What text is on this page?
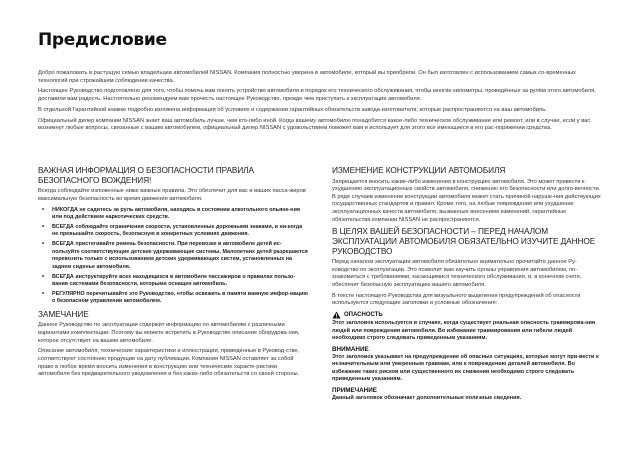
Предисловие

Добро пожаловать в растущую семью владельцев автомобилей NISSAN. Компания полностью уверена в автомобиле, который вы приобрели. Он был изготовлен с использованием самых со-временных технологий при строжайшем соблюдении качества.

Настоящее Руководство подготовлено для того, чтобы помочь вам понять устройство автомобиля и порядок его технического обслуживания, чтобы многие километры, проведённые за рулём этого автомобиля, доставили вам радость. Настоятельно рекомендуем вам прочесть настоящее Руководство, прежде чем приступать к эксплуатации автомобиля.

В отдельной Гарантийной книжке подробно изложена информация об условиях и содержании гарантийных обязательств завода-изготовителя, которые распространяются на ваш автомобиль.

Официальный дилер компании NISSAN знает ваш автомобиль лучше, чем кто-либо иной. Когда вашему автомобилю понадобится какое-либо техническое обслуживание или ремонт, или в случае, если у вас возникнут любые вопросы, связанные с вашим автомобилем, официальный дилер NISSAN с удовольствием поможет вам и использует для этого все имеющиеся в его рас-поряжении средства.

ВАЖНАЯ ИНФОРМАЦИЯ О БЕЗОПАСНОСТИ ПРАВИЛА БЕЗОПАСНОГО ВОЖДЕНИЯ!

Всегда соблюдайте изложенные ниже важные правила. Это обеспечит для вас и ваших пасса-жиров максимальную безопасность во время движения автомобиля.

• НИКОГДА не садитесь за руль автомобиля, находясь в состоянии алкогольного опьяне-ния или под действием наркотических средств.
• ВСЕГДА соблюдайте ограничения скорости, установленные дорожными знаками, и ни-когда не превышайте скорость, безопасную в конкретных условиях движения.
• ВСЕГДА пристегивайте ремень безопасности. При перевозке в автомобиле детей ис-пользуйте соответствующие детские удерживающие системы. Малолетних детей разрешается перевозить только с использованием детских удерживающих систем, установленных на заднем сиденье автомобиля.
• ВСЕГДА инструктируйте всех находящихся в автомобиле пассажиров о правилах пользо-вания системами безопасности, которыми оснащен автомобиль.
• РЕГУЛЯРНО перечитывайте это Руководство, чтобы освежить в памяти важную инфор-мацию о безопасном управлении автомобилем.
ЗАМЕЧАНИЕ

Данное Руководство по эксплуатации содержит информацию по автомобилям с различными вариантами комплектации. Поэтому вы можете встретить в Руководстве описание оборудова-ния, которое отсутствует на вашем автомобиле.

Описание автомобиля, технические характеристики и иллюстрации, приведенные в Руковод-стве, соответствуют состоянию продукции на дату публикации. Компания NISSAN оставляет за собой право в любое время вносить изменения в конструкцию или технические характе-ристики автомобиля без предварительного уведомления и без каких-либо обязательств со своей стороны.

ИЗМЕНЕНИЕ КОНСТРУКЦИИ АВТОМОБИЛЯ

Запрещается вносить какие-либо изменения в конструкцию автомобиля. Это может привести к ухудшению эксплуатационных свойств автомобиля, снижению его безопасности или долго-вечности. В ряде случаев изменение конструкции автомобиля может стать причиной наруше-ния действующих государственных стандартов и правил. Кроме того, на любые повреждения или ухудшение эксплуатационных качеств автомобиля, вызванные внесением изменений, гарантийные обязательства компании NISSAN не распространяются.

В ЦЕЛЯХ ВАШЕЙ БЕЗОПАСНОСТИ – ПЕРЕД НАЧАЛОМ ЭКСПЛУАТАЦИИ АВТОМОБИЛЯ ОБЯЗАТЕЛЬНО ИЗУЧИТЕ ДАННОЕ РУКОВОДСТВО

Перед началом эксплуатации автомобиля обязательно внимательно прочитайте данное Ру-ководство по эксплуатации. Это позволит вам изучить органы управления автомобилем, по-знакомиться с требованиями, касающимися технического обслуживания, и, в конечном счете, обеспечит безопасную эксплуатацию вашего автомобиля.

В тексте настоящего Руководства для визуального выделения предупреждений об опасности используются следующие заголовки и условные обозначения:

ОПАСНОСТЬ

Этот заголовок используется в случаях, когда существует реальная опасность травмирова-ния людей или повреждения автомобиля. Во избежание травмирования или гибели людей необходимо строго следовать приведенным указаниям.

ВНИМАНИЕ

Этот заголовок указывает на предупреждение об опасных ситуациях, которые могут при-вести к незначительным или умеренным травмам, или к повреждению деталей автомобиля. Во избежание таких рисков или существенного их снижения необходимо строго следовать приведенным указаниям.

ПРИМЕЧАНИЕ

Данный заголовок обозначает дополнительные полезные сведения.
